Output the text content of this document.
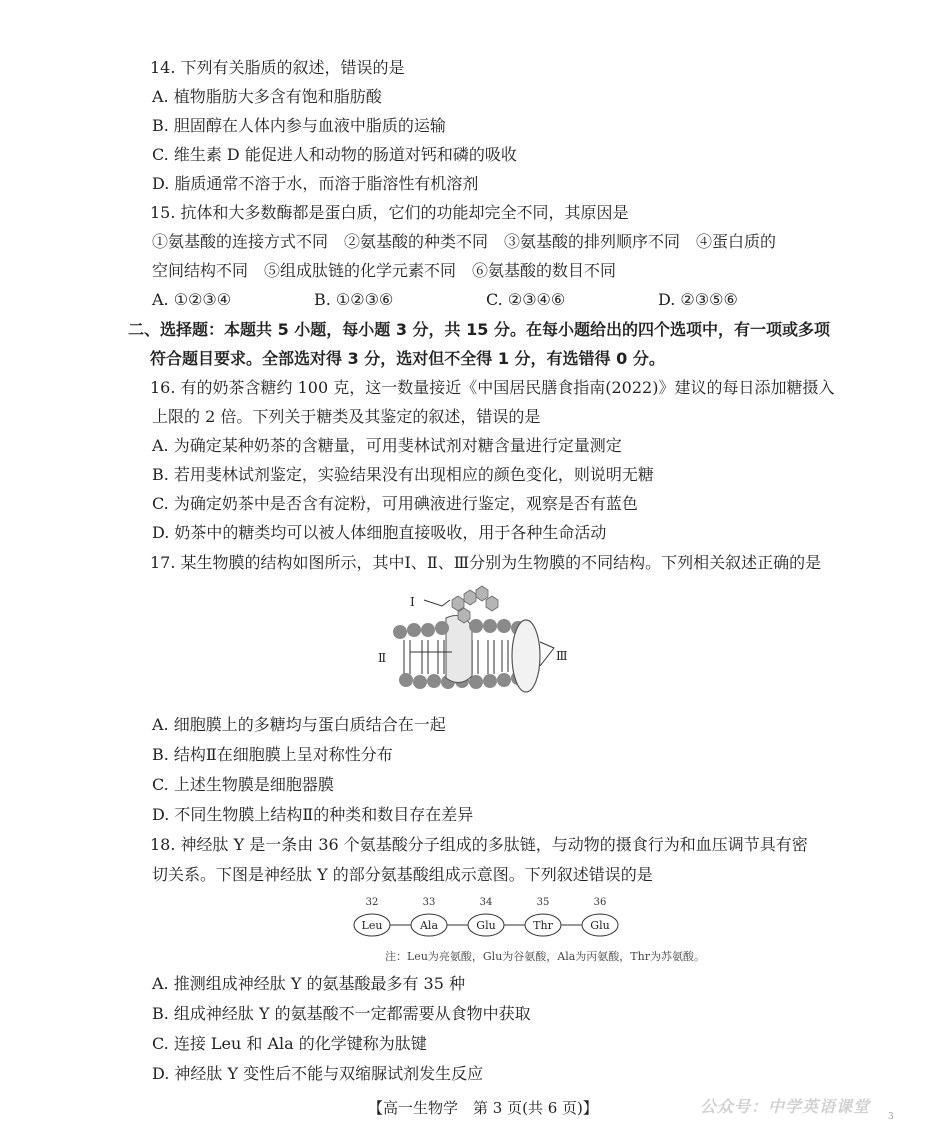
14. 下列有关脂质的叙述，错误的是
A. 植物脂肪大多含有饱和脂肪酸
B. 胆固醇在人体内参与血液中脂质的运输
C. 维生素 D 能促进人和动物的肠道对钙和磷的吸收
D. 脂质通常不溶于水，而溶于脂溶性有机溶剂
15. 抗体和大多数酶都是蛋白质，它们的功能却完全不同，其原因是
①氨基酸的连接方式不同　②氨基酸的种类不同　③氨基酸的排列顺序不同　④蛋白质的
空间结构不同　⑤组成肽链的化学元素不同　⑥氨基酸的数目不同
A. ①②③④	B. ①②③⑥	C. ②③④⑥	D. ②③⑤⑥
二、选择题：本题共 5 小题，每小题 3 分，共 15 分。在每小题给出的四个选项中，有一项或多项
符合题目要求。全部选对得 3 分，选对但不全得 1 分，有选错得 0 分。
16. 有的奶茶含糖约 100 克，这一数量接近《中国居民膳食指南(2022)》建议的每日添加糖摄入
上限的 2 倍。下列关于糖类及其鉴定的叙述，错误的是
A. 为确定某种奶茶的含糖量，可用斐林试剂对糖含量进行定量测定
B. 若用斐林试剂鉴定，实验结果没有出现相应的颜色变化，则说明无糖
C. 为确定奶茶中是否含有淀粉，可用碘液进行鉴定，观察是否有蓝色
D. 奶茶中的糖类均可以被人体细胞直接吸收，用于各种生命活动
17. 某生物膜的结构如图所示，其中Ⅰ、Ⅱ、Ⅲ分别为生物膜的不同结构。下列相关叙述正确的是
Ⅰ
Ⅱ	Ⅲ
A. 细胞膜上的多糖均与蛋白质结合在一起
B. 结构Ⅱ在细胞膜上呈对称性分布
C. 上述生物膜是细胞器膜
D. 不同生物膜上结构Ⅱ的种类和数目存在差异
18. 神经肽 Y 是一条由 36 个氨基酸分子组成的多肽链，与动物的摄食行为和血压调节具有密
切关系。下图是神经肽 Y 的部分氨基酸组成示意图。下列叙述错误的是
Leu
32
Ala
33
Glu
34
Thr
35
Glu
36
注：Leu为亮氨酸，Glu为谷氨酸，Ala为丙氨酸，Thr为苏氨酸。
A. 推测组成神经肽 Y 的氨基酸最多有 35 种
B. 组成神经肽 Y 的氨基酸不一定都需要从食物中获取
C. 连接 Leu 和 Ala 的化学键称为肽键
D. 神经肽 Y 变性后不能与双缩脲试剂发生反应
【高一生物学　第 3 页(共 6 页)】	公众号：中学英语课堂
3
